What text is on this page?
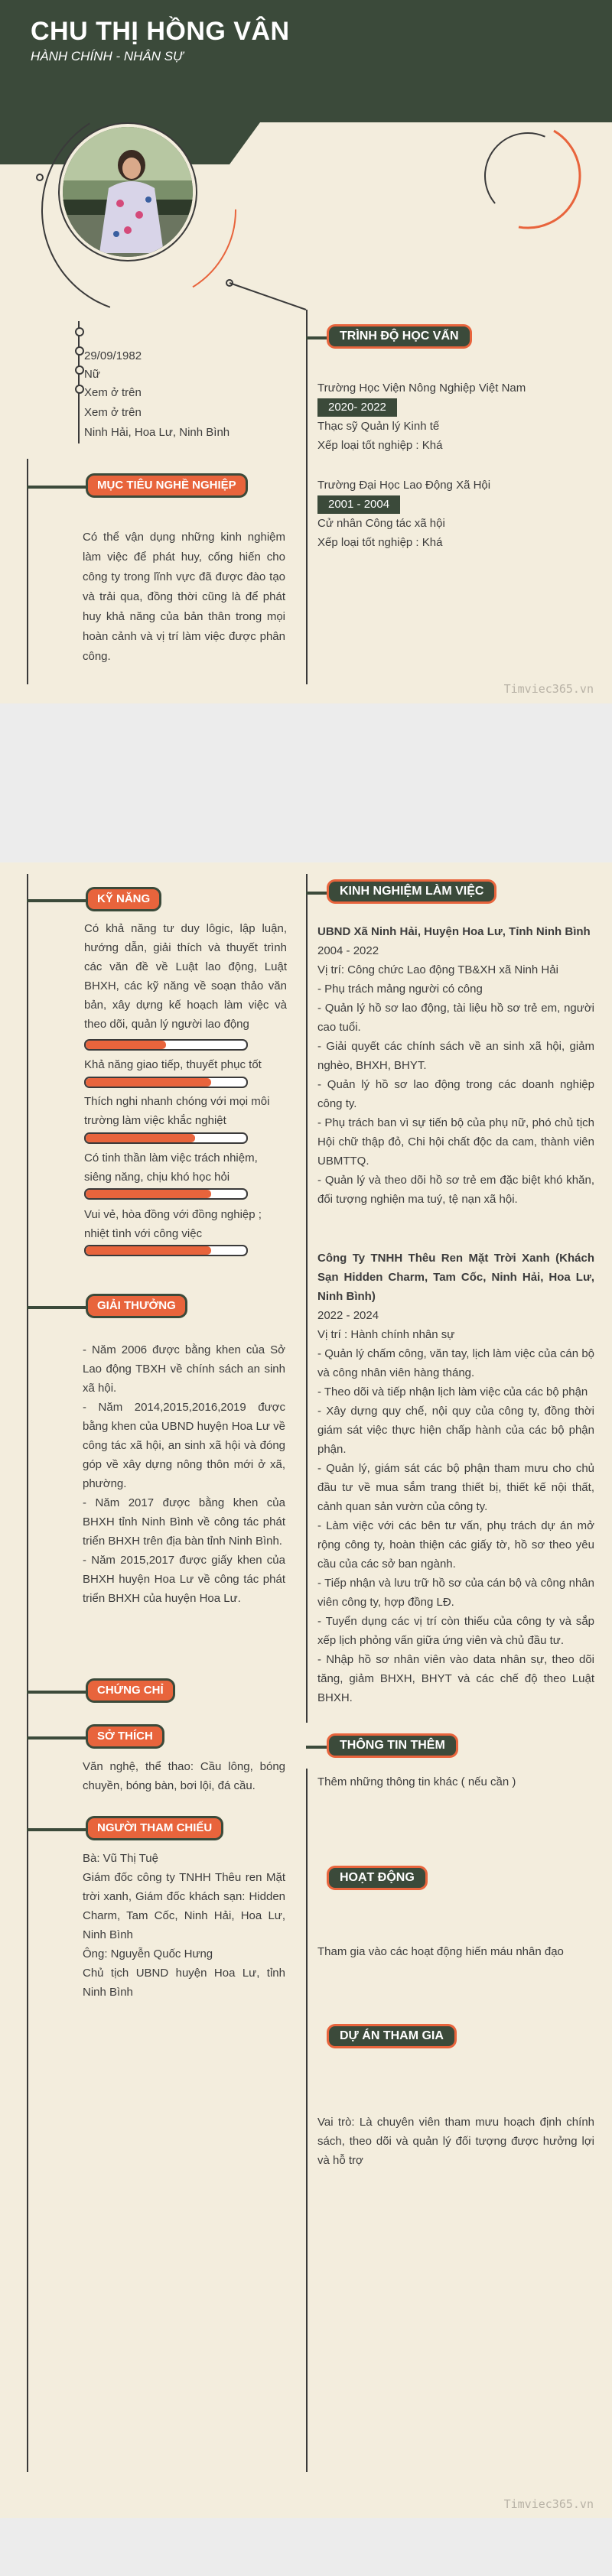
CHU THỊ HỒNG VÂN
HÀNH CHÍNH - NHÂN SỰ
29/09/1982
Nữ
Xem ở trên
Xem ở trên
Ninh Hải, Hoa Lư, Ninh Bình
MỤC TIÊU NGHỀ NGHIỆP
Có thể vận dụng những kinh nghiệm làm việc để phát huy, cống hiến cho công ty trong lĩnh vực đã được đào tạo và trải qua, đồng thời cũng là để phát huy khả năng của bản thân trong mọi hoàn cảnh và vị trí làm việc được phân công.
TRÌNH ĐỘ HỌC VẤN
Trường Học Viện Nông Nghiệp Việt Nam
2020- 2022
Thạc sỹ Quản lý Kinh tế
Xếp loại tốt nghiệp : Khá
Trường Đại Học Lao Động Xã Hội
2001 - 2004
Cử nhân Công tác xã hội
Xếp loại tốt nghiệp : Khá
Timviec365.vn
KỸ NĂNG
Có khả năng tư duy lôgic, lập luận, hướng dẫn, giải thích và thuyết trình các văn đề về Luật lao động, Luật BHXH, các kỹ năng về soạn thảo văn bản, xây dựng kế hoạch làm việc và theo dõi, quản lý người lao động
Khả năng giao tiếp, thuyết phục tốt
Thích nghi nhanh chóng với mọi môi trường làm việc khắc nghiệt
Có tinh thần làm việc trách nhiệm, siêng năng, chịu khó học hỏi
Vui vẻ, hòa đồng với đồng nghiệp ; nhiệt tình với công việc
GIẢI THƯỞNG
- Năm 2006 được bằng khen của Sở Lao động TBXH về chính sách an sinh xã hội.
- Năm 2014,2015,2016,2019 được bằng khen của UBND huyện Hoa Lư về công tác xã hội, an sinh xã hội và đóng góp về xây dựng nông thôn mới ở xã, phường.
- Năm 2017 được bằng khen của BHXH tỉnh Ninh Bình về công tác phát triển BHXH trên địa bàn tỉnh Ninh Bình.
- Năm 2015,2017 được giấy khen của BHXH huyện Hoa Lư về công tác phát triển BHXH của huyện Hoa Lư.
CHỨNG CHỈ
SỞ THÍCH
Văn nghệ, thể thao: Cầu lông, bóng chuyền, bóng bàn, bơi lội, đá cầu.
NGƯỜI THAM CHIẾU
Bà: Vũ Thị Tuệ
Giám đốc công ty TNHH Thêu ren Mặt trời xanh, Giám đốc khách sạn: Hidden Charm, Tam Cốc, Ninh Hải, Hoa Lư, Ninh Bình
Ông: Nguyễn Quốc Hưng
Chủ tịch UBND huyện Hoa Lư, tỉnh Ninh Bình
KINH NGHIỆM LÀM VIỆC
UBND Xã Ninh Hải, Huyện Hoa Lư, Tỉnh Ninh Bình
2004 - 2022
Vị trí: Công chức Lao động TB&XH xã Ninh Hải

- Phụ trách mảng người có công

- Quản lý hồ sơ lao động, tài liệu hồ sơ trẻ em, người cao tuổi.

- Giải quyết các chính sách về an sinh xã hội, giảm nghèo, BHXH, BHYT.

- Quản lý hồ sơ lao động trong các doanh nghiệp công ty.

- Phụ trách ban vì sự tiến bộ của phụ nữ, phó chủ tịch Hội chữ thập đỏ, Chi hội chất độc da cam, thành viên UBMTTQ.

- Quản lý và theo dõi hồ sơ trẻ em đặc biệt khó khăn, đối tượng nghiện ma tuý, tệ nạn xã hội.

Công Ty TNHH Thêu Ren Mặt Trời Xanh (Khách Sạn Hidden Charm, Tam Cốc, Ninh Hải, Hoa Lư, Ninh Bình)
2022 - 2024
Vị trí : Hành chính nhân sự

- Quản lý chấm công, văn tay, lịch làm việc của cán bộ và công nhân viên hàng tháng.

- Theo dõi và tiếp nhận lịch làm việc của các bộ phận

- Xây dựng quy chế, nội quy của công ty, đồng thời giám sát việc thực hiện chấp hành của các bộ phận phận.

- Quản lý, giám sát các bộ phận tham mưu cho chủ đầu tư về mua sắm trang thiết bị, thiết kế nội thất, cảnh quan sản vườn của công ty.

- Làm việc với các bên tư vấn, phụ trách dự án mở rộng công ty, hoàn thiện các giấy tờ, hồ sơ theo yêu cầu của các sở ban ngành.

- Tiếp nhận và lưu trữ hồ sơ của cán bộ và công nhân viên công ty, hợp đồng LĐ.

- Tuyển dụng các vị trí còn thiếu của công ty và sắp xếp lịch phỏng vấn giữa ứng viên và chủ đầu tư.

- Nhập hồ sơ nhân viên vào data nhân sự, theo dõi tăng, giảm BHXH, BHYT và các chế độ theo Luật BHXH.

THÔNG TIN THÊM
Thêm những thông tin khác ( nếu cần )
HOẠT ĐỘNG
Tham gia vào các hoạt động hiến máu nhân đạo
DỰ ÁN THAM GIA
Vai trò: Là chuyên viên tham mưu hoạch định chính sách, theo dõi và quản lý đối tượng được hưởng lợi và hỗ trợ
Timviec365.vn
